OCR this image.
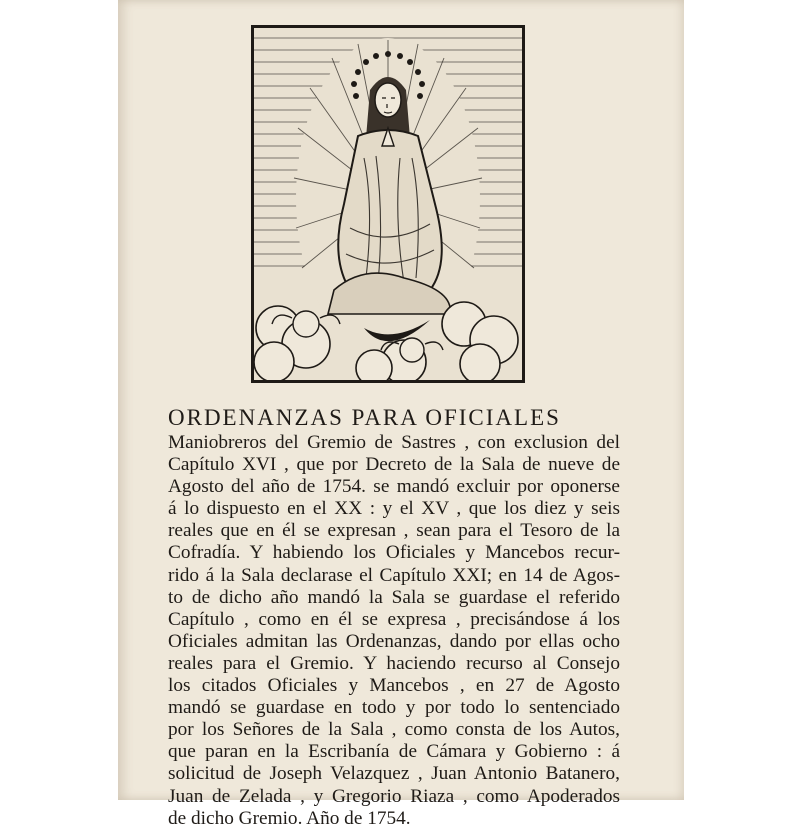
ORDENANZAS PARA OFICIALES

Maniobreros del Gremio de Sastres , con exclusion del

Capítulo XVI , que por Decreto de la Sala de nueve de

Agosto del año de 1754. se mandó excluir por oponerse

á lo dispuesto en el XX : y el XV , que los diez y seis

reales que en él se expresan , sean para el Tesoro de la

Cofradía. Y habiendo los Oficiales y Mancebos recur-

rido á la Sala declarase el Capítulo XXI; en 14 de Agos-

to de dicho año mandó la Sala se guardase el referido

Capítulo , como en él se expresa , precisándose á los

Oficiales admitan las Ordenanzas, dando por ellas ocho

reales para el Gremio. Y haciendo recurso al Consejo

los citados Oficiales y Mancebos , en 27 de Agosto

mandó se guardase en todo y por todo lo sentenciado

por los Señores de la Sala , como consta de los Autos,

que paran en la Escribanía de Cámara y Gobierno : á

solicitud de Joseph Velazquez , Juan Antonio Batanero,

Juan de Zelada , y Gregorio Riaza , como Apoderados

de dicho Gremio. Año de 1754.
